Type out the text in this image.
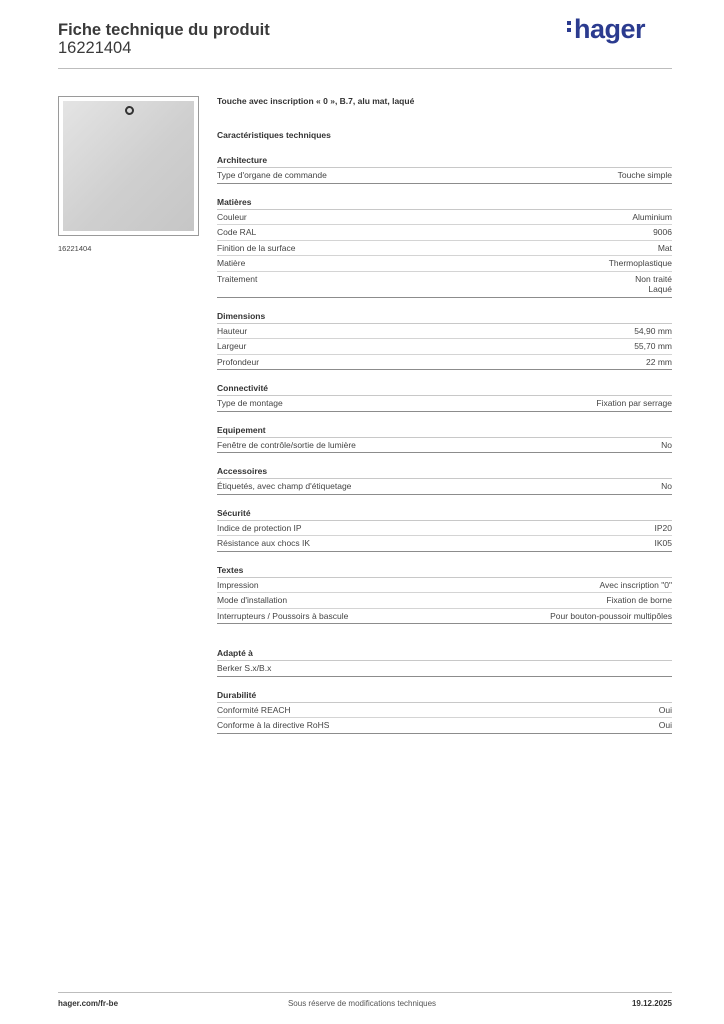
Fiche technique du produit
16221404
hager
16221404
Touche avec inscription « 0 », B.7, alu mat, laqué
Caractéristiques techniques
Architecture
Type d'organe de commande	Touche simple
Matières
Couleur	Aluminium
Code RAL	9006
Finition de la surface	Mat
Matière	Thermoplastique
Traitement	Non traité
Laqué
Dimensions
Hauteur	54,90 mm
Largeur	55,70 mm
Profondeur	22 mm
Connectivité
Type de montage	Fixation par serrage
Equipement
Fenêtre de contrôle/sortie de lumière	No
Accessoires
Étiquetés, avec champ d'étiquetage	No
Sécurité
Indice de protection IP	IP20
Résistance aux chocs IK	IK05
Textes
Impression	Avec inscription "0"
Mode d'installation	Fixation de borne
Interrupteurs / Poussoirs à bascule	Pour bouton-poussoir multipôles
Adapté à
Berker S.x/B.x
Durabilité
Conformité REACH	Oui
Conforme à la directive RoHS	Oui
hager.com/fr-be	Sous réserve de modifications techniques	19.12.2025
